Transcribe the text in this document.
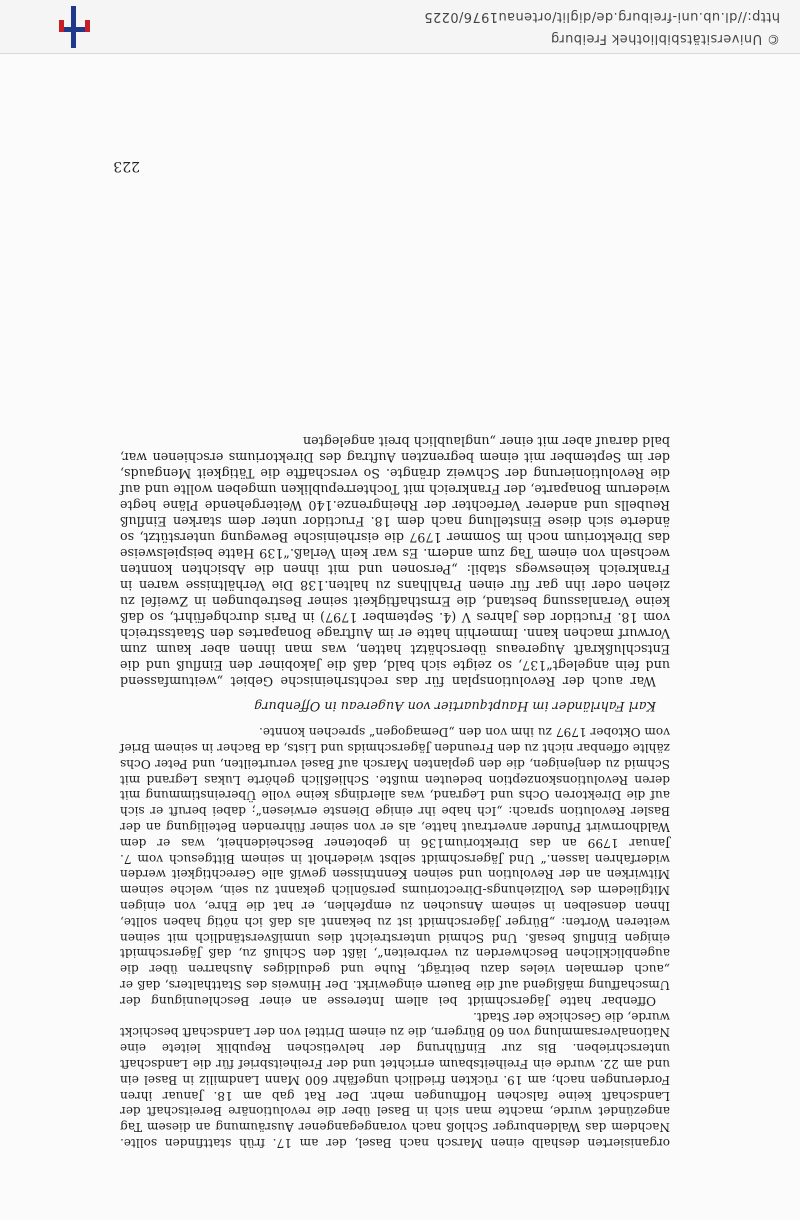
organisierten deshalb einen Marsch nach Basel, der am 17. früh stattfinden sollte. Nachdem das Waldenburger Schloß nach vorangegangener Ausräumung an diesem Tag angezündet wurde, machte man sich in Basel über die revolutionäre Bereitschaft der Landschaft keine falschen Hoffnungen mehr. Der Rat gab am 18. Januar ihren Forderungen nach; am 19. rückten friedlich ungefähr 600 Mann Landmiliz in Basel ein und am 22. wurde ein Freiheitsbaum errichtet und der Freiheitsbrief für die Landschaft unterschrieben. Bis zur Einführung der helvetischen Republik leitete eine Nationalversammlung von 60 Bürgern, die zu einem Drittel von der Landschaft beschickt wurde, die Geschicke der Stadt.

Offenbar hatte Jägerschmidt bei allem Interesse an einer Beschleunigung der Umschaffung mäßigend auf die Bauern eingewirkt. Der Hinweis des Statthalters, daß er „auch dermalen vieles dazu beiträgt, Ruhe und geduldiges Ausharren über die augenblicklichen Beschwerden zu verbreiten“, läßt den Schluß zu, daß Jägerschmidt einigen Einfluß besaß. Und Schmid unterstreicht dies unmißverständlich mit seinen weiteren Worten: „Bürger Jägerschmidt ist zu bekannt als daß ich nötig haben sollte, Ihnen denselben in seinem Ansuchen zu empfehlen, er hat die Ehre, von einigen Mitgliedern des Vollziehungs-Directoriums persönlich gekannt zu sein, welche seinem Mitwirken an der Revolution und seinen Kenntnissen gewiß alle Gerechtigkeit werden widerfahren lassen.“ Und Jägerschmidt selbst wiederholt in seinem Bittgesuch vom 7. Januar 1799 an das Direktorium136 in gebotener Bescheidenheit, was er dem Waldhornwirt Pfunder anvertraut hatte, als er von seiner führenden Beteiligung an der Basler Revolution sprach: „Ich habe ihr einige Dienste erwiesen“; dabei beruft er sich auf die Direktoren Ochs und Legrand, was allerdings keine volle Übereinstimmung mit deren Revolutionskonzeption bedeuten mußte. Schließlich gehörte Lukas Legrand mit Schmid zu denjenigen, die den geplanten Marsch auf Basel verurteilten, und Peter Ochs zählte offenbar nicht zu den Freunden Jägerschmids und Lists, da Bacher in seinem Brief vom Oktober 1797 zu ihm von den „Demagogen“ sprechen konnte.

Karl Fahrländer im Hauptquartier von Augereau in Offenburg

War auch der Revolutionsplan für das rechtsrheinische Gebiet „weitumfassend und fein angelegt“137, so zeigte sich bald, daß die Jakobiner den Einfluß und die Entschlußkraft Augereaus überschätzt hatten, was man ihnen aber kaum zum Vorwurf machen kann. Immerhin hatte er im Auftrage Bonapartes den Staatsstreich vom 18. Fructidor des Jahres V (4. September 1797) in Paris durchgeführt, so daß keine Veranlassung bestand, die Ernsthaftigkeit seiner Bestrebungen in Zweifel zu ziehen oder ihn gar für einen Prahlhans zu halten.138 Die Verhältnisse waren in Frankreich keineswegs stabil: „Personen und mit ihnen die Absichten konnten wechseln von einem Tag zum andern. Es war kein Verlaß.“139 Hatte beispielsweise das Direktorium noch im Sommer 1797 die eisrheinische Bewegung unterstützt, so änderte sich diese Einstellung nach dem 18. Fructidor unter dem starken Einfluß Reubells und anderer Verfechter der Rheingrenze.140 Weitergehende Pläne hegte wiederum Bonaparte, der Frankreich mit Tochterrepubliken umgeben wollte und auf die Revolutionierung der Schweiz drängte. So verschaffte die Tätigkeit Mengauds, der im September mit einem begrenzten Auftrag des Direktoriums erschienen war, bald darauf aber mit einer „unglaublich breit angelegten

223
© Universitätsbibliothek Freiburg
http://dl.ub.uni-freiburg.de/diglit/ortenau1976/0225
